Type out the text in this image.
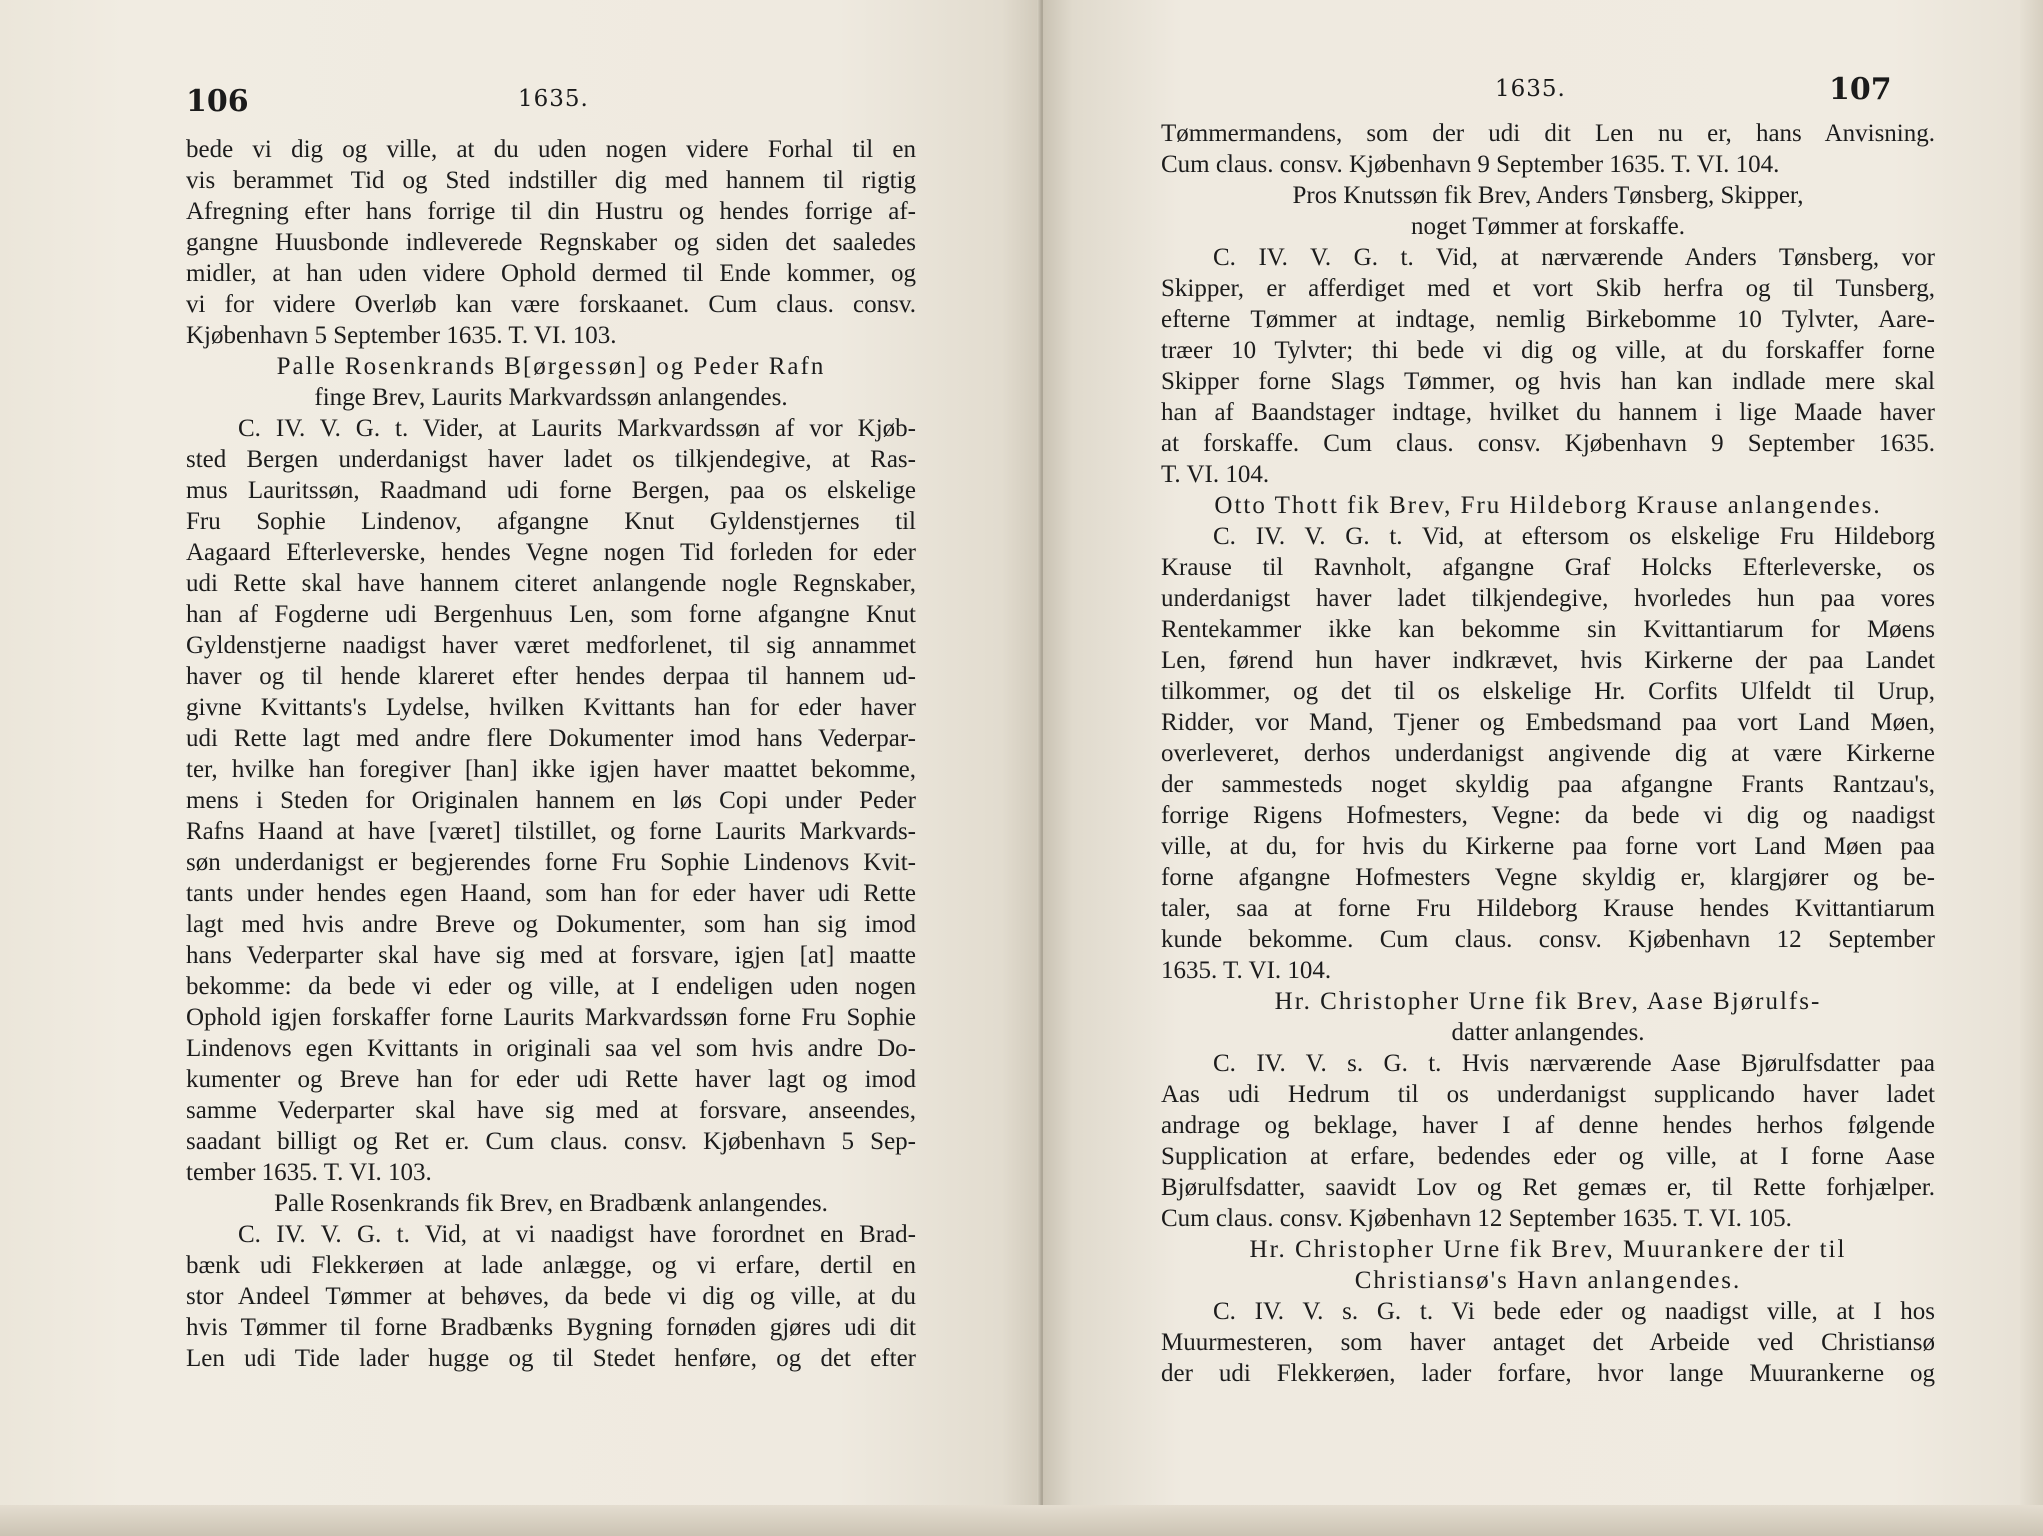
106	1635.
bede vi dig og ville, at du uden nogen videre Forhal til en
vis berammet Tid og Sted indstiller dig med hannem til rigtig
Afregning efter hans forrige til din Hustru og hendes forrige af-
gangne Huusbonde indleverede Regnskaber og siden det saaledes
midler, at han uden videre Ophold dermed til Ende kommer, og
vi for videre Overløb kan være forskaanet. Cum claus. consv.
Kjøbenhavn 5 September 1635. T. VI. 103.
Palle Rosenkrands B[ørgessøn] og Peder Rafn
finge Brev, Laurits Markvardssøn anlangendes.
C. IV. V. G. t. Vider, at Laurits Markvardssøn af vor Kjøb-
sted Bergen underdanigst haver ladet os tilkjendegive, at Ras-
mus Lauritssøn, Raadmand udi forne Bergen, paa os elskelige
Fru Sophie Lindenov, afgangne Knut Gyldenstjernes til
Aagaard Efterleverske, hendes Vegne nogen Tid forleden for eder
udi Rette skal have hannem citeret anlangende nogle Regnskaber,
han af Fogderne udi Bergenhuus Len, som forne afgangne Knut
Gyldenstjerne naadigst haver været medforlenet, til sig annammet
haver og til hende klareret efter hendes derpaa til hannem ud-
givne Kvittants's Lydelse, hvilken Kvittants han for eder haver
udi Rette lagt med andre flere Dokumenter imod hans Vederpar-
ter, hvilke han foregiver [han] ikke igjen haver maattet bekomme,
mens i Steden for Originalen hannem en løs Copi under Peder
Rafns Haand at have [været] tilstillet, og forne Laurits Markvards-
søn underdanigst er begjerendes forne Fru Sophie Lindenovs Kvit-
tants under hendes egen Haand, som han for eder haver udi Rette
lagt med hvis andre Breve og Dokumenter, som han sig imod
hans Vederparter skal have sig med at forsvare, igjen [at] maatte
bekomme: da bede vi eder og ville, at I endeligen uden nogen
Ophold igjen forskaffer forne Laurits Markvardssøn forne Fru Sophie
Lindenovs egen Kvittants in originali saa vel som hvis andre Do-
kumenter og Breve han for eder udi Rette haver lagt og imod
samme Vederparter skal have sig med at forsvare, anseendes,
saadant billigt og Ret er. Cum claus. consv. Kjøbenhavn 5 Sep-
tember 1635. T. VI. 103.
Palle Rosenkrands fik Brev, en Bradbænk anlangendes.
C. IV. V. G. t. Vid, at vi naadigst have forordnet en Brad-
bænk udi Flekkerøen at lade anlægge, og vi erfare, dertil en
stor Andeel Tømmer at behøves, da bede vi dig og ville, at du
hvis Tømmer til forne Bradbænks Bygning fornøden gjøres udi dit
Len udi Tide lader hugge og til Stedet henføre, og det efter
1635.	107
Tømmermandens, som der udi dit Len nu er, hans Anvisning.
Cum claus. consv. Kjøbenhavn 9 September 1635. T. VI. 104.
Pros Knutssøn fik Brev, Anders Tønsberg, Skipper,
noget Tømmer at forskaffe.
C. IV. V. G. t. Vid, at nærværende Anders Tønsberg, vor
Skipper, er afferdiget med et vort Skib herfra og til Tunsberg,
efterne Tømmer at indtage, nemlig Birkebomme 10 Tylvter, Aare-
træer 10 Tylvter; thi bede vi dig og ville, at du forskaffer forne
Skipper forne Slags Tømmer, og hvis han kan indlade mere skal
han af Baandstager indtage, hvilket du hannem i lige Maade haver
at forskaffe. Cum claus. consv. Kjøbenhavn 9 September 1635.
T. VI. 104.
Otto Thott fik Brev, Fru Hildeborg Krause anlangendes.
C. IV. V. G. t. Vid, at eftersom os elskelige Fru Hildeborg
Krause til Ravnholt, afgangne Graf Holcks Efterleverske, os
underdanigst haver ladet tilkjendegive, hvorledes hun paa vores
Rentekammer ikke kan bekomme sin Kvittantiarum for Møens
Len, førend hun haver indkrævet, hvis Kirkerne der paa Landet
tilkommer, og det til os elskelige Hr. Corfits Ulfeldt til Urup,
Ridder, vor Mand, Tjener og Embedsmand paa vort Land Møen,
overleveret, derhos underdanigst angivende dig at være Kirkerne
der sammesteds noget skyldig paa afgangne Frants Rantzau's,
forrige Rigens Hofmesters, Vegne: da bede vi dig og naadigst
ville, at du, for hvis du Kirkerne paa forne vort Land Møen paa
forne afgangne Hofmesters Vegne skyldig er, klargjører og be-
taler, saa at forne Fru Hildeborg Krause hendes Kvittantiarum
kunde bekomme. Cum claus. consv. Kjøbenhavn 12 September
1635. T. VI. 104.
Hr. Christopher Urne fik Brev, Aase Bjørulfs-
datter anlangendes.
C. IV. V. s. G. t. Hvis nærværende Aase Bjørulfsdatter paa
Aas udi Hedrum til os underdanigst supplicando haver ladet
andrage og beklage, haver I af denne hendes herhos følgende
Supplication at erfare, bedendes eder og ville, at I forne Aase
Bjørulfsdatter, saavidt Lov og Ret gemæs er, til Rette forhjælper.
Cum claus. consv. Kjøbenhavn 12 September 1635. T. VI. 105.
Hr. Christopher Urne fik Brev, Muurankere der til
Christiansø's Havn anlangendes.
C. IV. V. s. G. t. Vi bede eder og naadigst ville, at I hos
Muurmesteren, som haver antaget det Arbeide ved Christiansø
der udi Flekkerøen, lader forfare, hvor lange Muurankerne og
